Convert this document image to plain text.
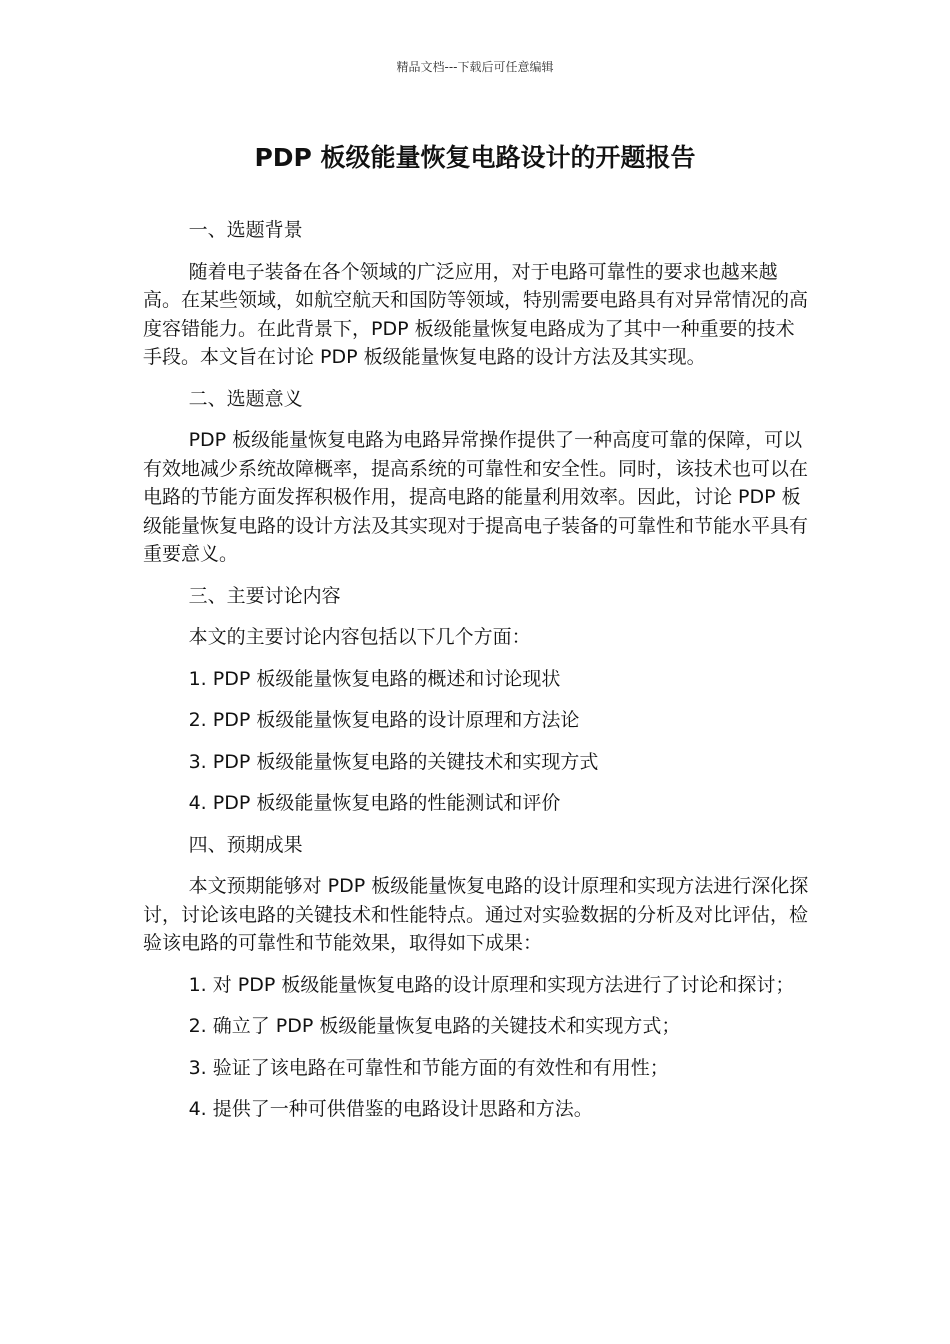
精品文档---下载后可任意编辑
PDP 板级能量恢复电路设计的开题报告

一、选题背景

随着电子装备在各个领域的广泛应用，对于电路可靠性的要求也越来越高。在某些领域，如航空航天和国防等领域，特别需要电路具有对异常情况的高度容错能力。在此背景下，PDP 板级能量恢复电路成为了其中一种重要的技术手段。本文旨在讨论 PDP 板级能量恢复电路的设计方法及其实现。

二、选题意义

PDP 板级能量恢复电路为电路异常操作提供了一种高度可靠的保障，可以有效地减少系统故障概率，提高系统的可靠性和安全性。同时，该技术也可以在电路的节能方面发挥积极作用，提高电路的能量利用效率。因此，讨论 PDP 板级能量恢复电路的设计方法及其实现对于提高电子装备的可靠性和节能水平具有重要意义。

三、主要讨论内容

本文的主要讨论内容包括以下几个方面：

1. PDP 板级能量恢复电路的概述和讨论现状

2. PDP 板级能量恢复电路的设计原理和方法论

3. PDP 板级能量恢复电路的关键技术和实现方式

4. PDP 板级能量恢复电路的性能测试和评价

四、预期成果

本文预期能够对 PDP 板级能量恢复电路的设计原理和实现方法进行深化探讨，讨论该电路的关键技术和性能特点。通过对实验数据的分析及对比评估，检验该电路的可靠性和节能效果，取得如下成果：

1. 对 PDP 板级能量恢复电路的设计原理和实现方法进行了讨论和探讨；

2. 确立了 PDP 板级能量恢复电路的关键技术和实现方式；

3. 验证了该电路在可靠性和节能方面的有效性和有用性；

4. 提供了一种可供借鉴的电路设计思路和方法。
